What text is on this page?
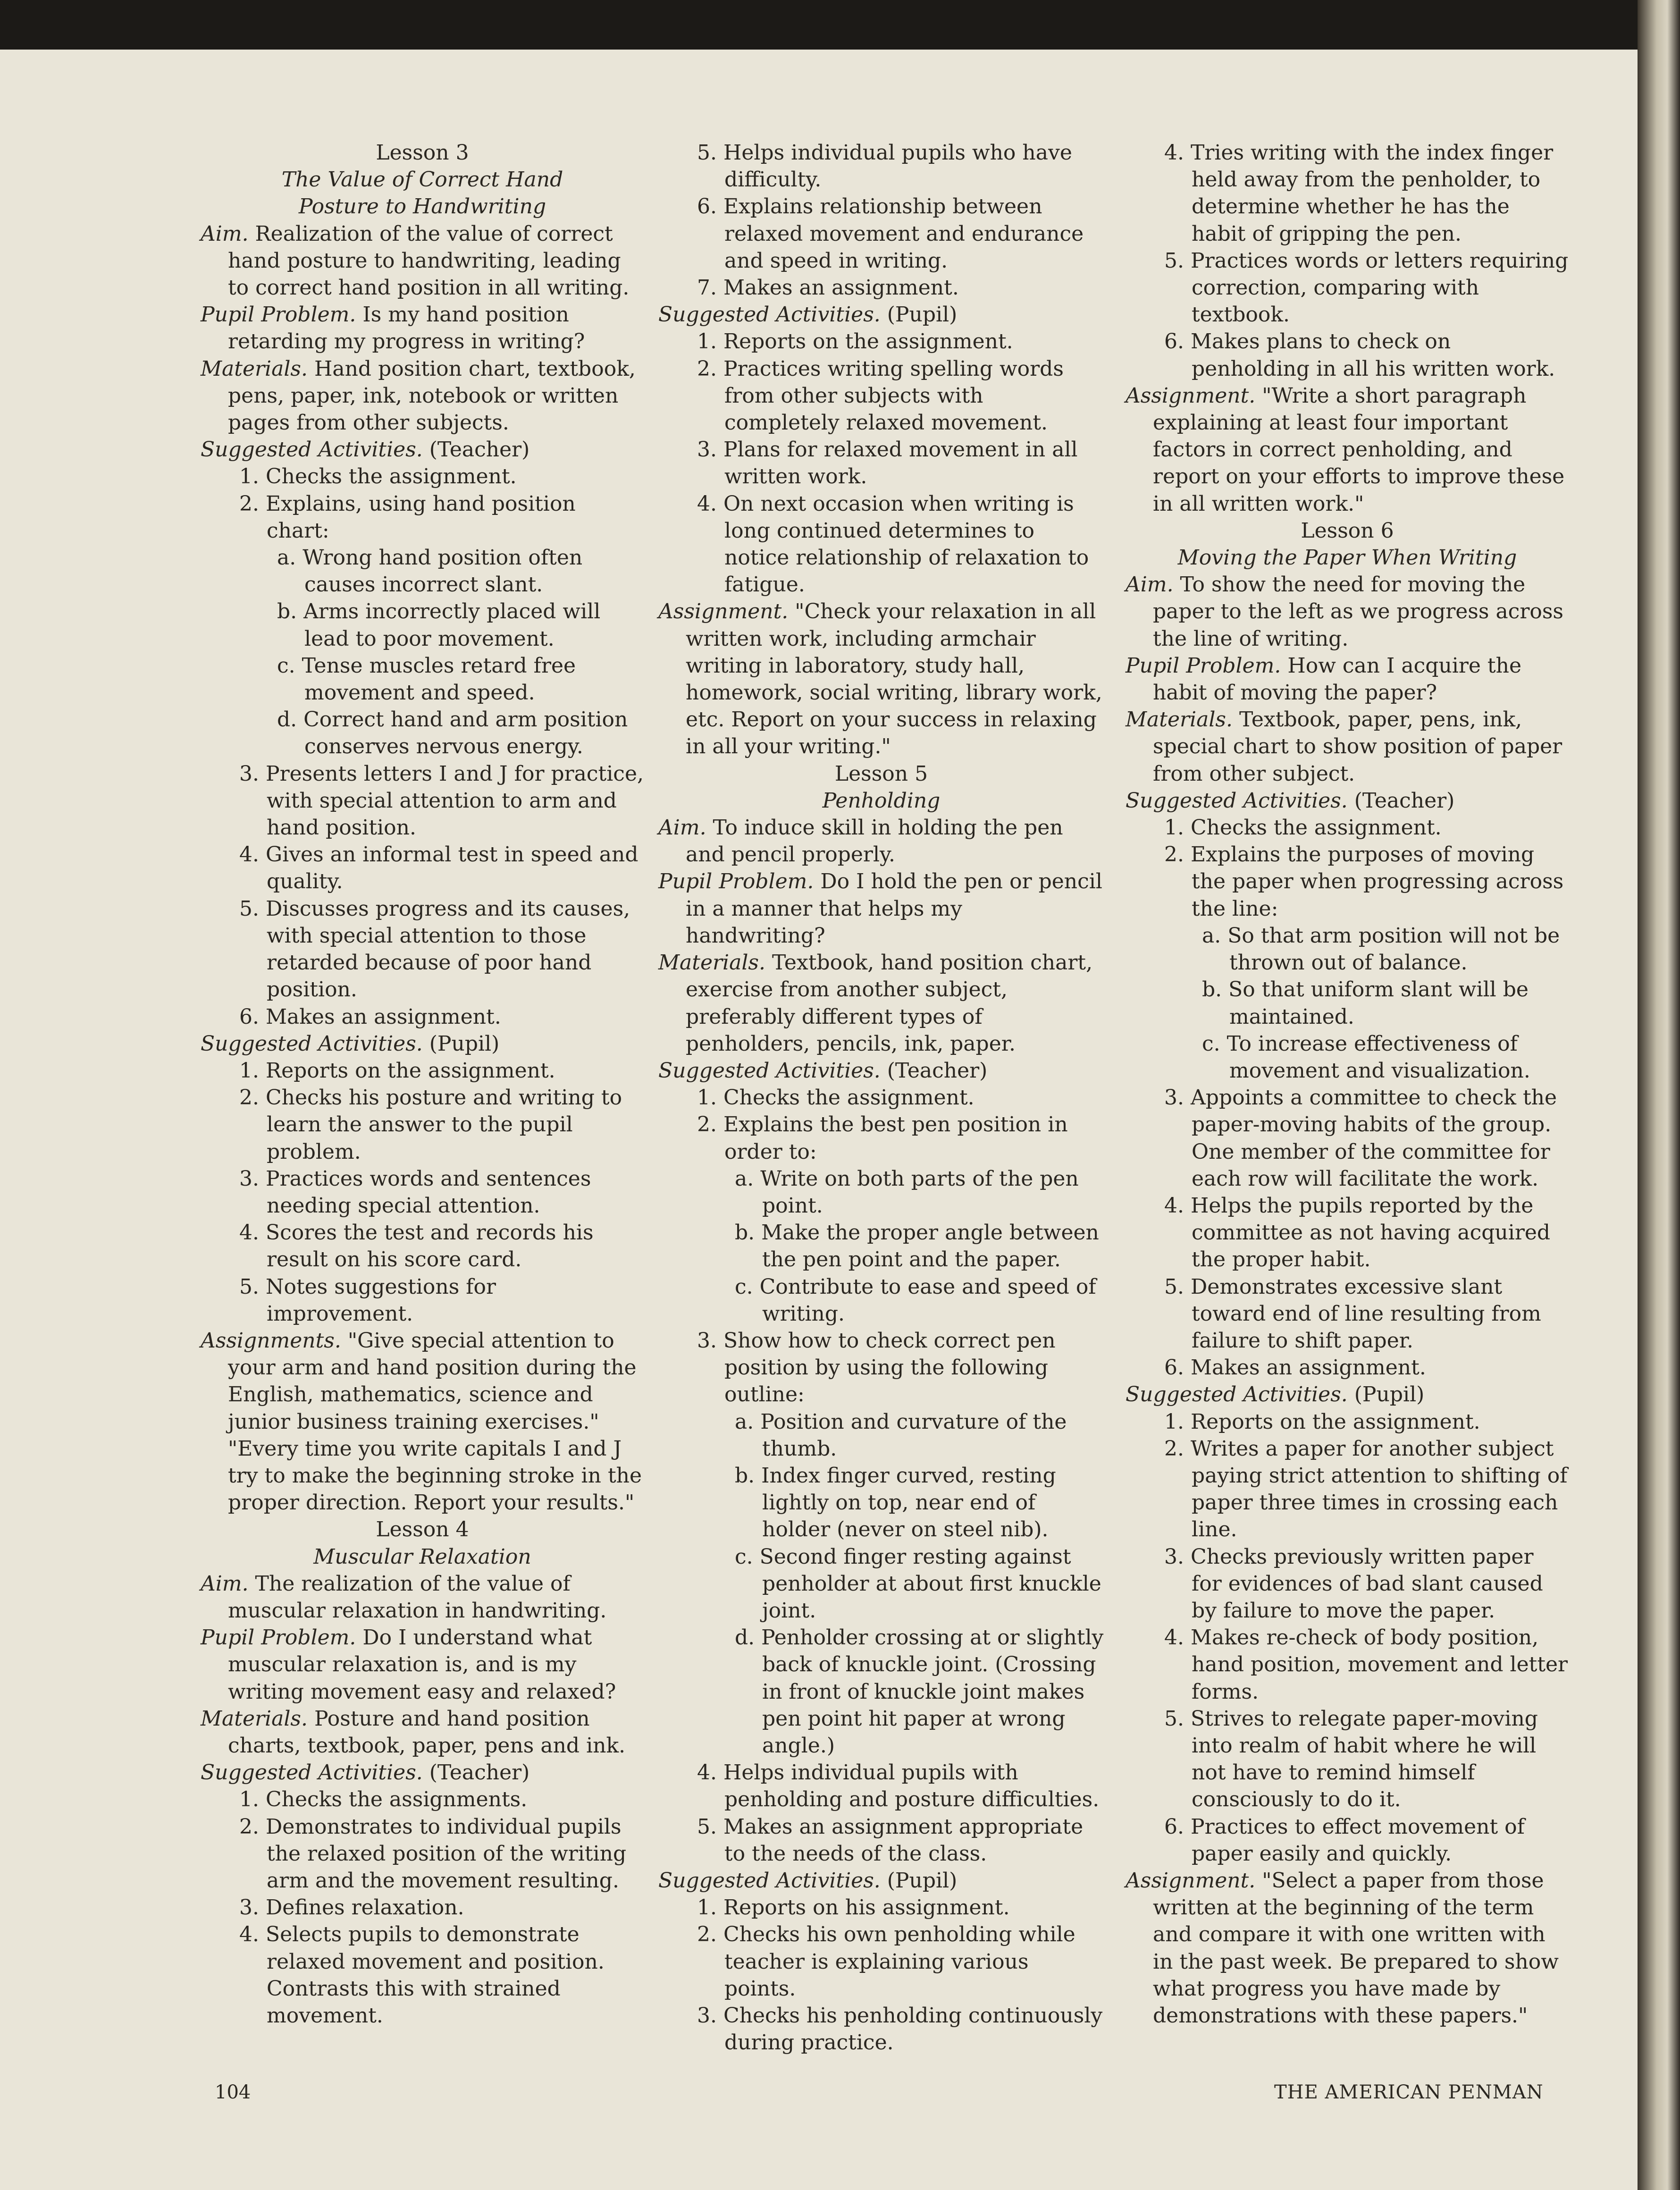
Lesson 3

The Value of Correct Hand

Posture to Handwriting

Aim. Realization of the value of correct hand posture to handwriting, leading to correct hand position in all writing.

Pupil Problem. Is my hand position retarding my progress in writing?

Materials. Hand position chart, textbook, pens, paper, ink, notebook or written pages from other subjects.

Suggested Activities. (Teacher)

1. Checks the assignment.

2. Explains, using hand position chart:

a. Wrong hand position often causes incorrect slant.

b. Arms incorrectly placed will lead to poor movement.

c. Tense muscles retard free movement and speed.

d. Correct hand and arm position conserves nervous energy.

3. Presents letters I and J for practice, with special attention to arm and hand position.

4. Gives an informal test in speed and quality.

5. Discusses progress and its causes, with special attention to those retarded because of poor hand position.

6. Makes an assignment.

Suggested Activities. (Pupil)

1. Reports on the assignment.

2. Checks his posture and writing to learn the answer to the pupil problem.

3. Practices words and sentences needing special attention.

4. Scores the test and records his result on his score card.

5. Notes suggestions for improvement.

Assignments. "Give special attention to your arm and hand position during the English, mathematics, science and junior business training exercises."

"Every time you write capitals I and J try to make the beginning stroke in the proper direction. Report your results."

Lesson 4

Muscular Relaxation

Aim. The realization of the value of muscular relaxation in handwriting.

Pupil Problem. Do I understand what muscular relaxation is, and is my writing movement easy and relaxed?

Materials. Posture and hand position charts, textbook, paper, pens and ink.

Suggested Activities. (Teacher)

1. Checks the assignments.

2. Demonstrates to individual pupils the relaxed position of the writing arm and the movement resulting.

3. Defines relaxation.

4. Selects pupils to demonstrate relaxed movement and position. Contrasts this with strained movement.

5. Helps individual pupils who have difficulty.

6. Explains relationship between relaxed movement and endurance and speed in writing.

7. Makes an assignment.

Suggested Activities. (Pupil)

1. Reports on the assignment.

2. Practices writing spelling words from other subjects with completely relaxed movement.

3. Plans for relaxed movement in all written work.

4. On next occasion when writing is long continued determines to notice relationship of relaxation to fatigue.

Assignment. "Check your relaxation in all written work, including armchair writing in laboratory, study hall, homework, social writing, library work, etc. Report on your success in relaxing in all your writing."

Lesson 5

Penholding

Aim. To induce skill in holding the pen and pencil properly.

Pupil Problem. Do I hold the pen or pencil in a manner that helps my handwriting?

Materials. Textbook, hand position chart, exercise from another subject, preferably different types of penholders, pencils, ink, paper.

Suggested Activities. (Teacher)

1. Checks the assignment.

2. Explains the best pen position in order to:

a. Write on both parts of the pen point.

b. Make the proper angle between the pen point and the paper.

c. Contribute to ease and speed of writing.

3. Show how to check correct pen position by using the following outline:

a. Position and curvature of the thumb.

b. Index finger curved, resting lightly on top, near end of holder (never on steel nib).

c. Second finger resting against penholder at about first knuckle joint.

d. Penholder crossing at or slightly back of knuckle joint. (Crossing in front of knuckle joint makes pen point hit paper at wrong angle.)

4. Helps individual pupils with penholding and posture difficulties.

5. Makes an assignment appropriate to the needs of the class.

Suggested Activities. (Pupil)

1. Reports on his assignment.

2. Checks his own penholding while teacher is explaining various points.

3. Checks his penholding continuously during practice.

4. Tries writing with the index finger held away from the penholder, to determine whether he has the habit of gripping the pen.

5. Practices words or letters requiring correction, comparing with textbook.

6. Makes plans to check on penholding in all his written work.

Assignment. "Write a short paragraph explaining at least four important factors in correct penholding, and report on your efforts to improve these in all written work."

Lesson 6

Moving the Paper When Writing

Aim. To show the need for moving the paper to the left as we progress across the line of writing.

Pupil Problem. How can I acquire the habit of moving the paper?

Materials. Textbook, paper, pens, ink, special chart to show position of paper from other subject.

Suggested Activities. (Teacher)

1. Checks the assignment.

2. Explains the purposes of moving the paper when progressing across the line:

a. So that arm position will not be thrown out of balance.

b. So that uniform slant will be maintained.

c. To increase effectiveness of movement and visualization.

3. Appoints a committee to check the paper-moving habits of the group. One member of the committee for each row will facilitate the work.

4. Helps the pupils reported by the committee as not having acquired the proper habit.

5. Demonstrates excessive slant toward end of line resulting from failure to shift paper.

6. Makes an assignment.

Suggested Activities. (Pupil)

1. Reports on the assignment.

2. Writes a paper for another subject paying strict attention to shifting of paper three times in crossing each line.

3. Checks previously written paper for evidences of bad slant caused by failure to move the paper.

4. Makes re-check of body position, hand position, movement and letter forms.

5. Strives to relegate paper-moving into realm of habit where he will not have to remind himself consciously to do it.

6. Practices to effect movement of paper easily and quickly.

Assignment. "Select a paper from those written at the beginning of the term and compare it with one written with in the past week. Be prepared to show what progress you have made by demonstrations with these papers."

104	THE AMERICAN PENMAN
